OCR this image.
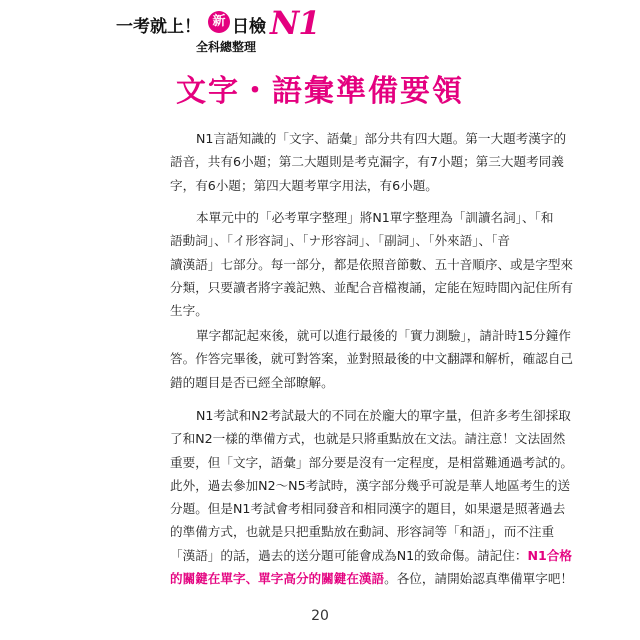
一考就上！ 新 日檢 N1
全科總整理
文字・語彙準備要領
N1言語知識的「文字、語彙」部分共有四大題。第一大題考漢字的
語音，共有6小題；第二大題則是考克漏字，有7小題；第三大題考同義
字，有6小題；第四大題考單字用法，有6小題。
本單元中的「必考單字整理」將N1單字整理為「訓讀名詞」、「和
語動詞」、「イ形容詞」、「ナ形容詞」、「副詞」、「外來語」、「音
讀漢語」七部分。每一部分，都是依照音節數、五十音順序、或是字型來
分類，只要讀者將字義記熟、並配合音檔複誦，定能在短時間內記住所有
生字。
單字都記起來後，就可以進行最後的「實力測驗」，請計時15分鐘作
答。作答完畢後，就可對答案，並對照最後的中文翻譯和解析，確認自己
錯的題目是否已經全部瞭解。
N1考試和N2考試最大的不同在於龐大的單字量，但許多考生卻採取
了和N2一樣的準備方式，也就是只將重點放在文法。請注意！文法固然
重要，但「文字，語彙」部分要是沒有一定程度，是相當難通過考試的。
此外，過去參加N2～N5考試時，漢字部分幾乎可說是華人地區考生的送
分題。但是N1考試會考相同發音和相同漢字的題目，如果還是照著過去
的準備方式，也就是只把重點放在動詞、形容詞等「和語」，而不注重
「漢語」的話，過去的送分題可能會成為N1的致命傷。請記住：N1合格
的關鍵在單字、單字高分的關鍵在漢語。各位，請開始認真準備單字吧！
20
